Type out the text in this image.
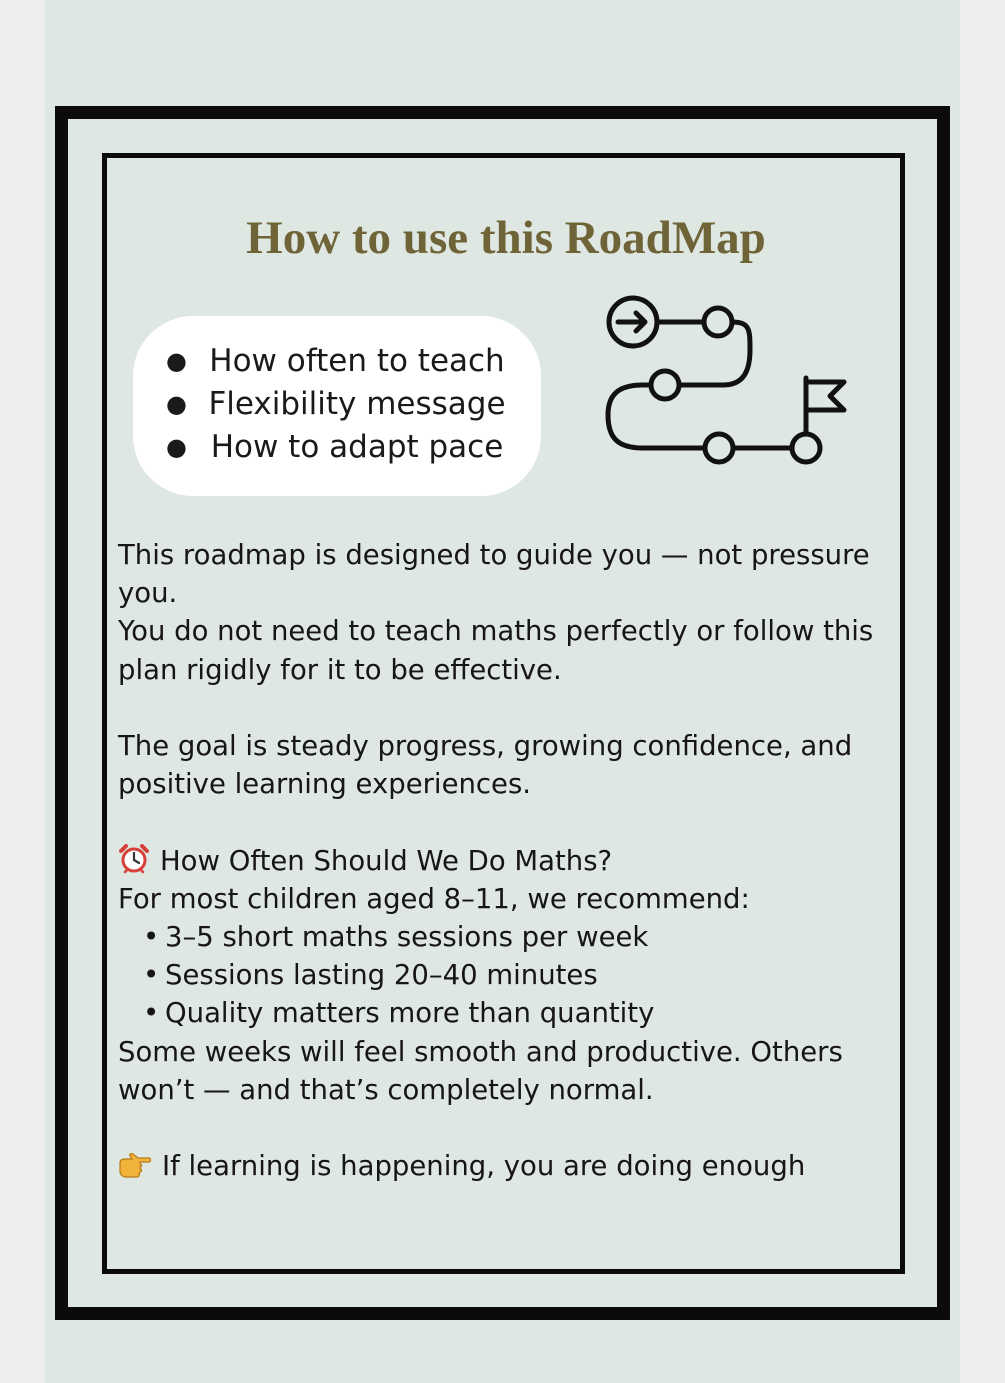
How to use this RoadMap
● How often to teach
● Flexibility message
● How to adapt pace

This roadmap is designed to guide you — not pressure you.

You do not need to teach maths perfectly or follow this plan rigidly for it to be effective.

The goal is steady progress, growing confidence, and positive learning experiences.

How Often Should We Do Maths?

For most children aged 8–11, we recommend:

• 3–5 short maths sessions per week
• Sessions lasting 20–40 minutes
• Quality matters more than quantity

Some weeks will feel smooth and productive. Others won’t — and that’s completely normal.

If learning is happening, you are doing enough
